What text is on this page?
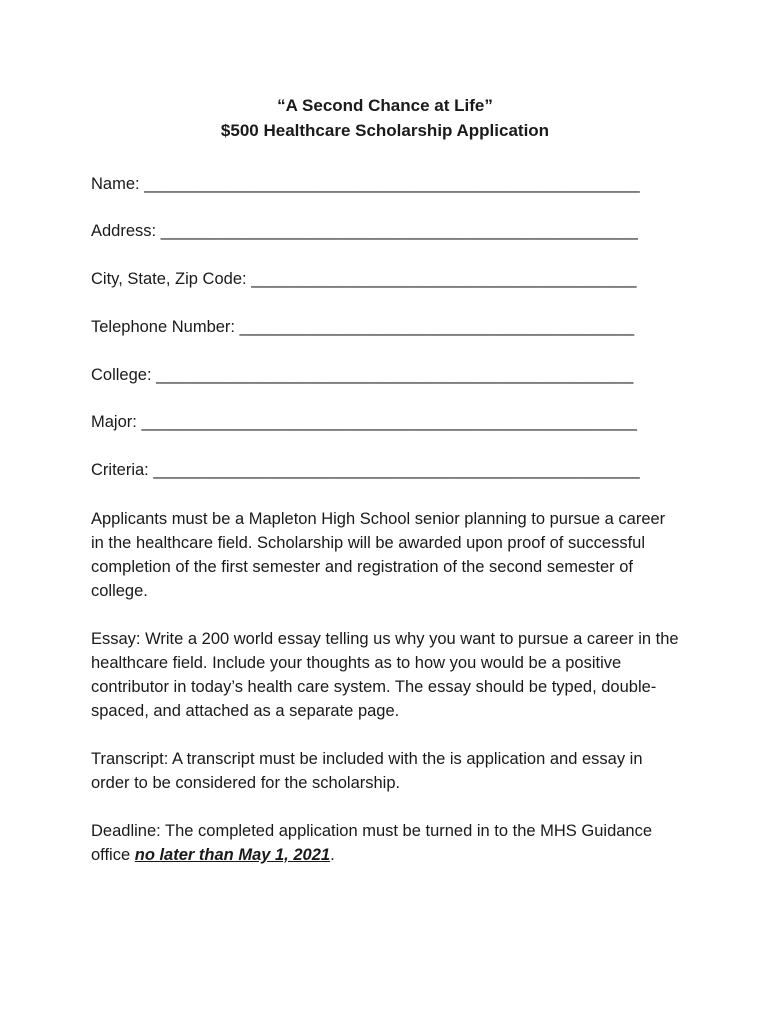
“A Second Chance at Life”
$500 Healthcare Scholarship Application
Name: ______________________________________________________
Address: ____________________________________________________
City, State, Zip Code: __________________________________________
Telephone Number: ___________________________________________
College: ____________________________________________________
Major: ______________________________________________________
Criteria: _____________________________________________________
Applicants must be a Mapleton High School senior planning to pursue a career in the healthcare field. Scholarship will be awarded upon proof of successful completion of the first semester and registration of the second semester of college.
Essay: Write a 200 world essay telling us why you want to pursue a career in the healthcare field. Include your thoughts as to how you would be a positive contributor in today’s health care system. The essay should be typed, double-spaced, and attached as a separate page.
Transcript: A transcript must be included with the is application and essay in order to be considered for the scholarship.
Deadline: The completed application must be turned in to the MHS Guidance office no later than May 1, 2021.
